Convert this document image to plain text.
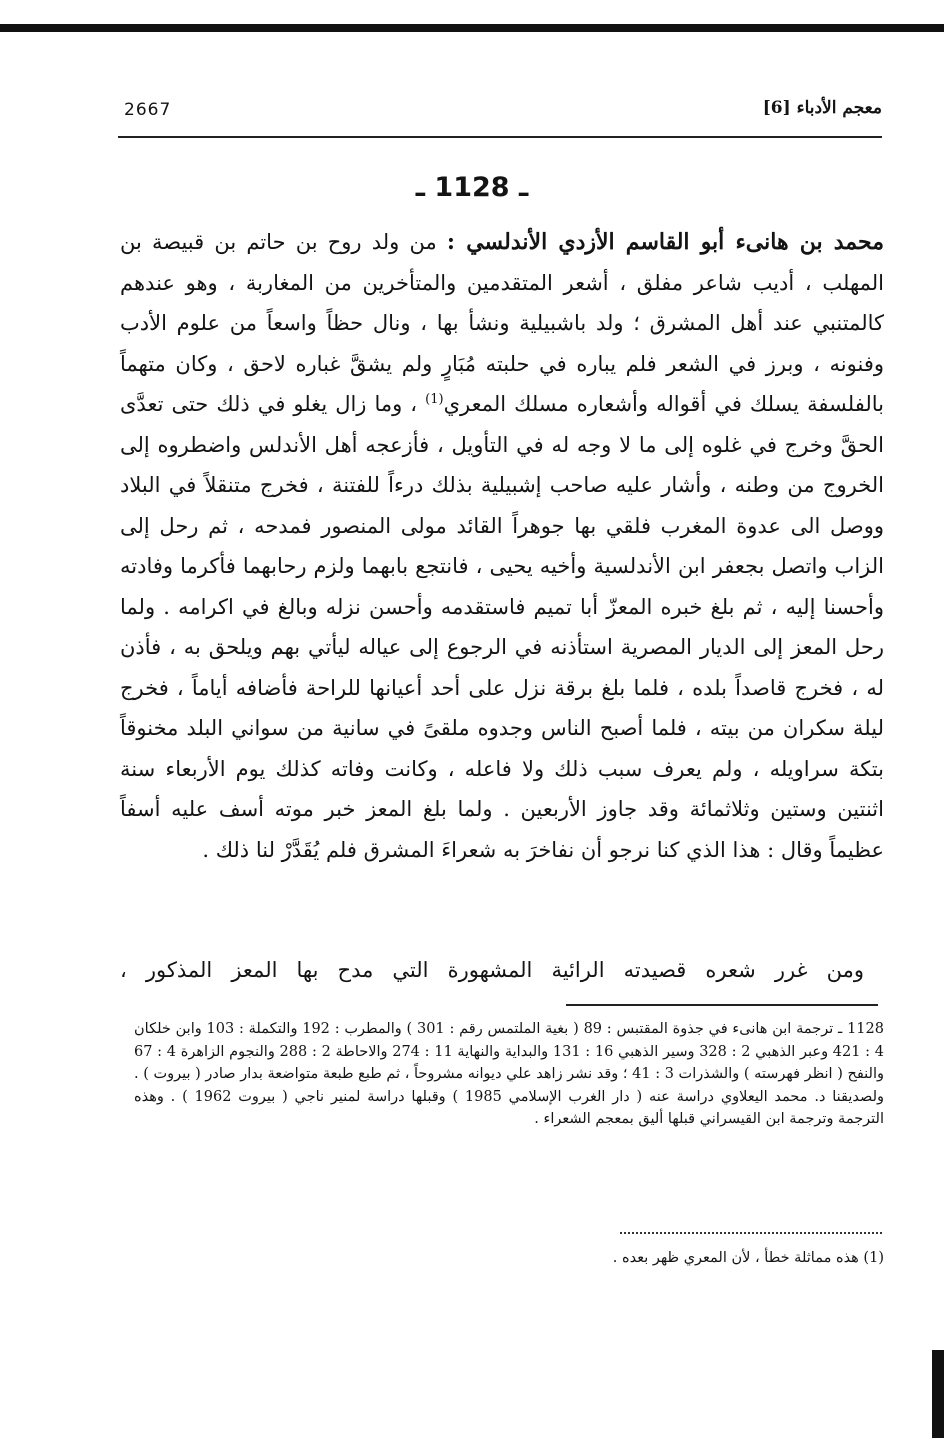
2667	معجم الأدباء [6]
ـ 1128 ـ

محمد بن هانىء أبو القاسم الأزدي الأندلسي : من ولد روح بن حاتم بن قبيصة بن المهلب ، أديب شاعر مفلق ، أشعر المتقدمين والمتأخرين من المغاربة ، وهو عندهم كالمتنبي عند أهل المشرق ؛ ولد باشبيلية ونشأ بها ، ونال حظاً واسعاً من علوم الأدب وفنونه ، وبرز في الشعر فلم يباره في حلبته مُبَارٍ ولم يشقَّ غباره لاحق ، وكان متهماً بالفلسفة يسلك في أقواله وأشعاره مسلك المعري$^{(1)}$ ، وما زال يغلو في ذلك حتى تعدَّى الحقَّ وخرج في غلوه إلى ما لا وجه له في التأويل ، فأزعجه أهل الأندلس واضطروه إلى الخروج من وطنه ، وأشار عليه صاحب إشبيلية بذلك درءاً للفتنة ، فخرج متنقلاً في البلاد ووصل الى عدوة المغرب فلقي بها جوهراً القائد مولى المنصور فمدحه ، ثم رحل إلى الزاب واتصل بجعفر ابن الأندلسية وأخيه يحيى ، فانتجع بابهما ولزم رحابهما فأكرما وفادته وأحسنا إليه ، ثم بلغ خبره المعزّ أبا تميم فاستقدمه وأحسن نزله وبالغ في اكرامه . ولما رحل المعز إلى الديار المصرية استأذنه في الرجوع إلى عياله ليأتي بهم ويلحق به ، فأذن له ، فخرج قاصداً بلده ، فلما بلغ برقة نزل على أحد أعيانها للراحة فأضافه أياماً ، فخرج ليلة سكران من بيته ، فلما أصبح الناس وجدوه ملقىً في سانية من سواني البلد مخنوقاً بتكة سراويله ، ولم يعرف سبب ذلك ولا فاعله ، وكانت وفاته كذلك يوم الأربعاء سنة اثنتين وستين وثلاثمائة وقد جاوز الأربعين . ولما بلغ المعز خبر موته أسف عليه أسفاً عظيماً وقال : هذا الذي كنا نرجو أن نفاخرَ به شعراءَ المشرق فلم يُقَدَّرْ لنا ذلك .

ومن غرر شعره قصيدته الرائية المشهورة التي مدح بها المعز المذكور ،

1128 ـ ترجمة ابن هانىء في جذوة المقتبس : 89 ( بغية الملتمس رقم : 301 ) والمطرب : 192 والتكملة : 103 وابن خلكان 4 : 421 وعبر الذهبي 2 : 328 وسير الذهبي 16 : 131 والبداية والنهاية 11 : 274 والاحاطة 2 : 288 والنجوم الزاهرة 4 : 67 والنفح ( انظر فهرسته ) والشذرات 3 : 41 ؛ وقد نشر زاهد علي ديوانه مشروحاً ، ثم طبع طبعة متواضعة بدار صادر ( بيروت ) . ولصديقنا د. محمد اليعلاوي دراسة عنه ( دار الغرب الإسلامي 1985 ) وقبلها دراسة لمنير ناجي ( بيروت 1962 ) . وهذه الترجمة وترجمة ابن القيسراني قبلها أليق بمعجم الشعراء .

(1) هذه مماثلة خطأ ، لأن المعري ظهر بعده .
